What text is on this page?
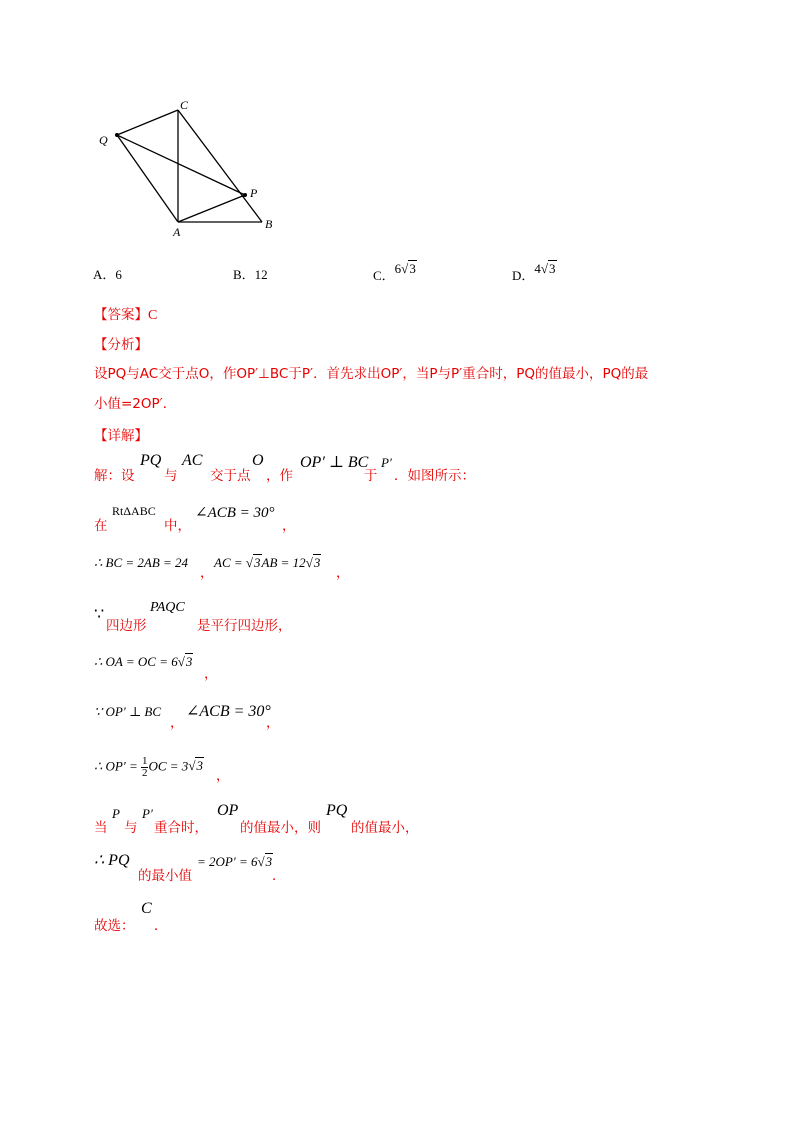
C
Q
P
A
B
A．6	B．12	C．6√3	D．4√3
【答案】C
【分析】
设PQ与AC交于点O，作OP′⊥BC于P′．首先求出OP′，当P与P′重合时，PQ的值最小，PQ的最
小值=2OP′．
【详解】
解：设
PQ
与
AC
交于点
O
，作
OP′ ⊥ BC
于
P′
．如图所示：
在
RtΔABC
中，
∠ACB = 30°
，
∴ BC = 2AB = 24
，
AC = √3AB = 12√3
，
∵
四边形
PAQC
是平行四边形，
∴ OA = OC = 6√3
，
∵ OP′ ⊥ BC
，
∠ACB = 30°
，
∴ $OP' = \frac{1}{2}$ OC = 3√3
，
当
P
与
P′
重合时，
OP
的值最小，则
PQ
的值最小，
∴ PQ
的最小值
= 2OP′ = 6√3
．
故选：
C
．
